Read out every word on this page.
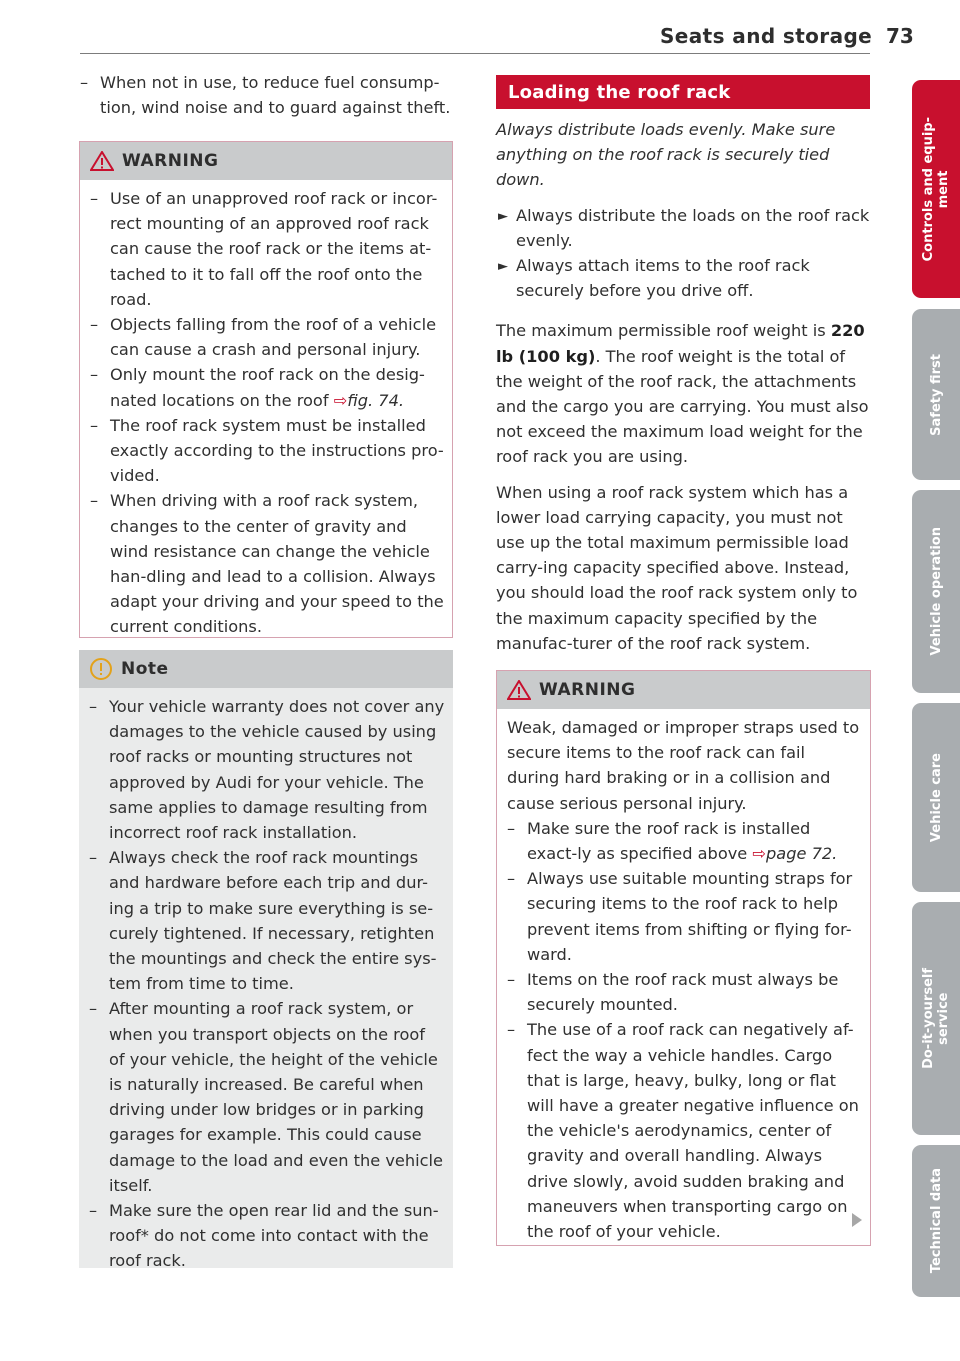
Seats and storage 73

– When not in use, to reduce fuel consump-tion, wind noise and to guard against theft.

WARNING

– Use of an unapproved roof rack or incor-rect mounting of an approved roof rack can cause the roof rack or the items at-tached to it to fall off the roof onto the road.

– Objects falling from the roof of a vehicle can cause a crash and personal injury.

– Only mount the roof rack on the desig-nated locations on the roof ⇨fig. 74.

– The roof rack system must be installed exactly according to the instructions pro-vided.

– When driving with a roof rack system, changes to the center of gravity and wind resistance can change the vehicle han-dling and lead to a collision. Always adapt your driving and your speed to the current conditions.

Note

– Your vehicle warranty does not cover any damages to the vehicle caused by using roof racks or mounting structures not approved by Audi for your vehicle. The same applies to damage resulting from incorrect roof rack installation.

– Always check the roof rack mountings and hardware before each trip and dur-ing a trip to make sure everything is se-curely tightened. If necessary, retighten the mountings and check the entire sys-tem from time to time.

– After mounting a roof rack system, or when you transport objects on the roof of your vehicle, the height of the vehicle is naturally increased. Be careful when driving under low bridges or in parking garages for example. This could cause damage to the load and even the vehicle itself.

– Make sure the open rear lid and the sun-roof* do not come into contact with the roof rack.

Loading the roof rack

Always distribute loads evenly. Make sure anything on the roof rack is securely tied down.

► Always distribute the loads on the roof rack evenly.

► Always attach items to the roof rack securely before you drive off.

The maximum permissible roof weight is 220 lb (100 kg). The roof weight is the total of the weight of the roof rack, the attachments and the cargo you are carrying. You must also not exceed the maximum load weight for the roof rack you are using.

When using a roof rack system which has a lower load carrying capacity, you must not use up the total maximum permissible load carry-ing capacity specified above. Instead, you should load the roof rack system only to the maximum capacity specified by the manufac-turer of the roof rack system.

WARNING

Weak, damaged or improper straps used to secure items to the roof rack can fail during hard braking or in a collision and cause serious personal injury.

– Make sure the roof rack is installed exact-ly as specified above ⇨page 72.

– Always use suitable mounting straps for securing items to the roof rack to help prevent items from shifting or flying for-ward.

– Items on the roof rack must always be securely mounted.

– The use of a roof rack can negatively af-fect the way a vehicle handles. Cargo that is large, heavy, bulky, long or flat will have a greater negative influence on the vehicle's aerodynamics, center of gravity and overall handling. Always drive slowly, avoid sudden braking and maneuvers when transporting cargo on the roof of your vehicle.

Controls and equip-
ment
Safety first
Vehicle operation
Vehicle care
Do-it-yourself
service
Technical data
